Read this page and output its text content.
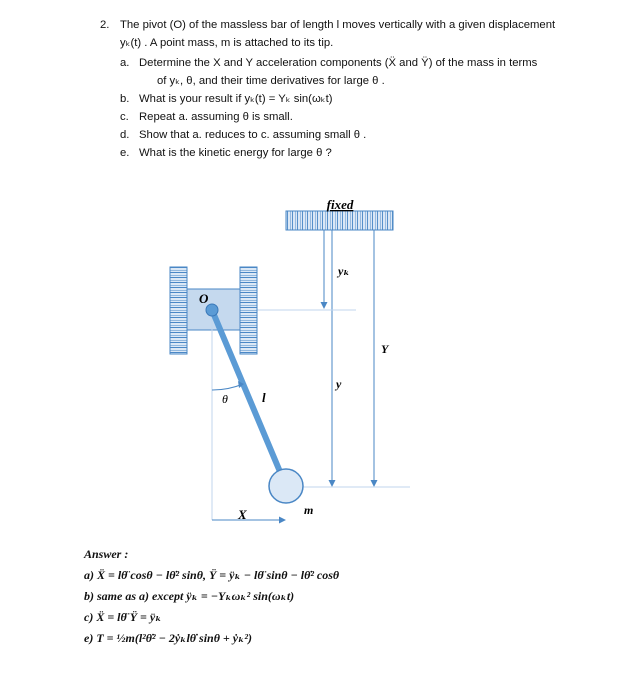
2. The pivot (O) of the massless bar of length l moves vertically with a given displacement
yₖ(t) . A point mass, m is attached to its tip.
a. Determine the X and Y acceleration components (Ẍ and Ÿ) of the mass in terms
of yₖ, θ, and their time derivatives for large θ .
b. What is your result if yₖ(t) = Yₖ sin(ωₖt)
c. Repeat a. assuming θ is small.
d. Show that a. reduces to c. assuming small θ .
e. What is the kinetic energy for large θ ?
fixed
yₖ
y
Y
O
θ	l
m
X
Answer :
a) Ẍ = lθ̈ cosθ − lθ̇² sinθ, Ÿ = ÿₖ − lθ̈ sinθ − lθ̇² cosθ
b) same as a) except ÿₖ = −Yₖωₖ² sin(ωₖt)
c) Ẍ = lθ̈ Ÿ = ÿₖ
e) T = ½m(l²θ̇² − 2ẏₖlθ̇ sinθ + ẏₖ²)
